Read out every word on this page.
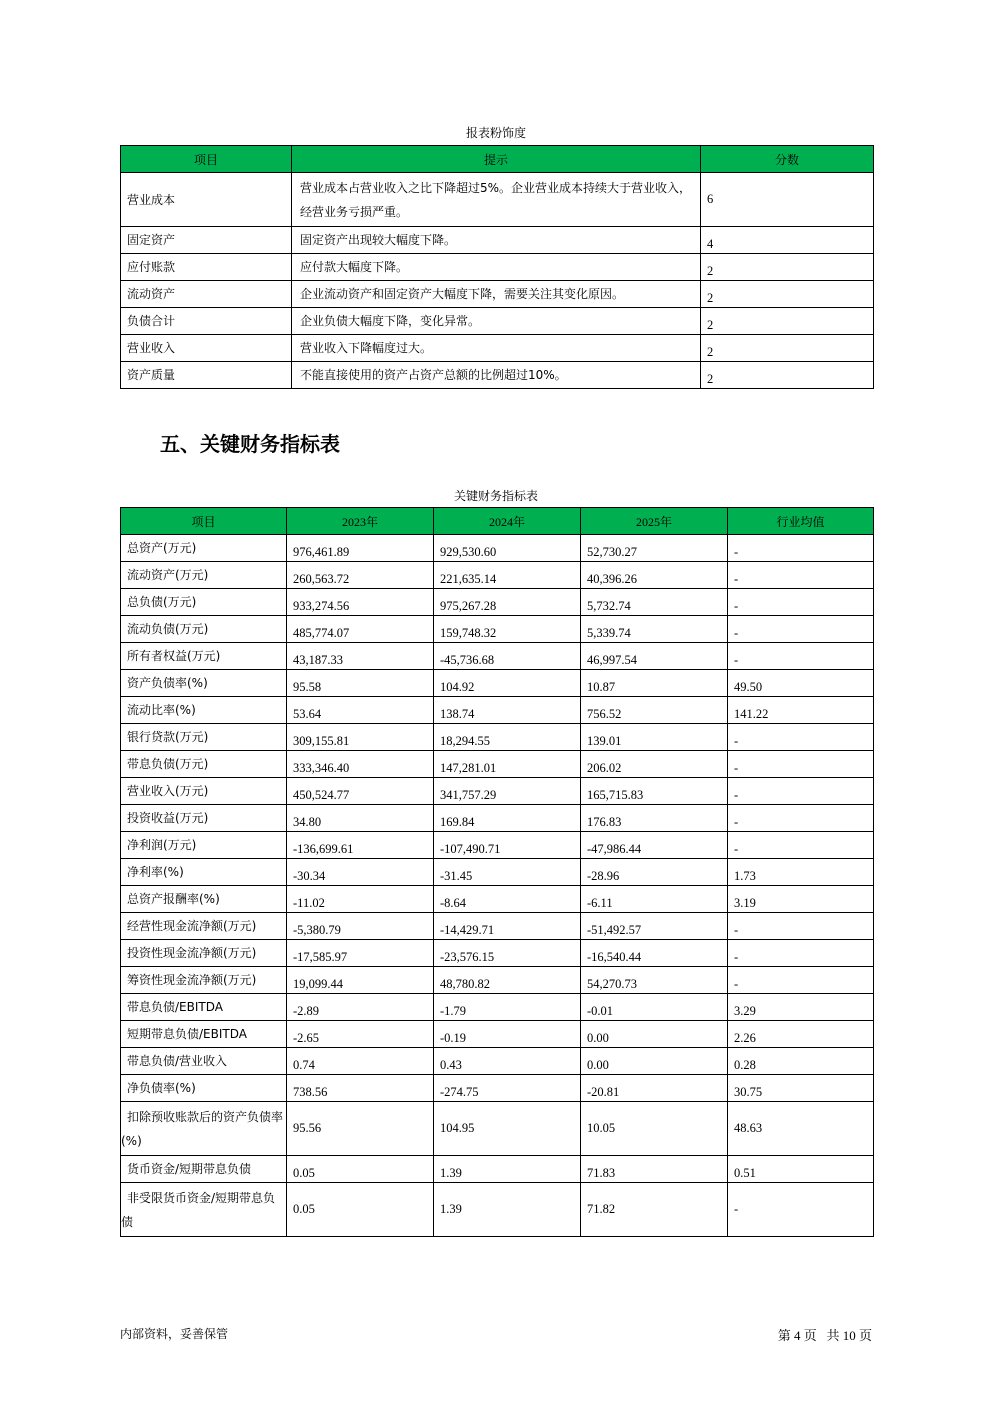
报表粉饰度
项目	提示	分数
营业成本	营业成本占营业收入之比下降超过5%。企业营业成本持续大于营业收入，经营业务亏损严重。	6
固定资产	固定资产出现较大幅度下降。	4
应付账款	应付款大幅度下降。	2
流动资产	企业流动资产和固定资产大幅度下降，需要关注其变化原因。	2
负债合计	企业负债大幅度下降，变化异常。	2
营业收入	营业收入下降幅度过大。	2
资产质量	不能直接使用的资产占资产总额的比例超过10%。	2
五、关键财务指标表
关键财务指标表
项目	2023年	2024年	2025年	行业均值
总资产(万元)	976,461.89	929,530.60	52,730.27	-
流动资产(万元)	260,563.72	221,635.14	40,396.26	-
总负债(万元)	933,274.56	975,267.28	5,732.74	-
流动负债(万元)	485,774.07	159,748.32	5,339.74	-
所有者权益(万元)	43,187.33	-45,736.68	46,997.54	-
资产负债率(%)	95.58	104.92	10.87	49.50
流动比率(%)	53.64	138.74	756.52	141.22
银行贷款(万元)	309,155.81	18,294.55	139.01	-
带息负债(万元)	333,346.40	147,281.01	206.02	-
营业收入(万元)	450,524.77	341,757.29	165,715.83	-
投资收益(万元)	34.80	169.84	176.83	-
净利润(万元)	-136,699.61	-107,490.71	-47,986.44	-
净利率(%)	-30.34	-31.45	-28.96	1.73
总资产报酬率(%)	-11.02	-8.64	-6.11	3.19
经营性现金流净额(万元)	-5,380.79	-14,429.71	-51,492.57	-
投资性现金流净额(万元)	-17,585.97	-23,576.15	-16,540.44	-
筹资性现金流净额(万元)	19,099.44	48,780.82	54,270.73	-
带息负债/EBITDA	-2.89	-1.79	-0.01	3.29
短期带息负债/EBITDA	-2.65	-0.19	0.00	2.26
带息负债/营业收入	0.74	0.43	0.00	0.28
净负债率(%)	738.56	-274.75	-20.81	30.75
扣除预收账款后的资产负债率(%)	95.56	104.95	10.05	48.63
货币资金/短期带息负债	0.05	1.39	71.83	0.51
非受限货币资金/短期带息负债	0.05	1.39	71.82	-
内部资料，妥善保管	第 4 页   共 10 页
